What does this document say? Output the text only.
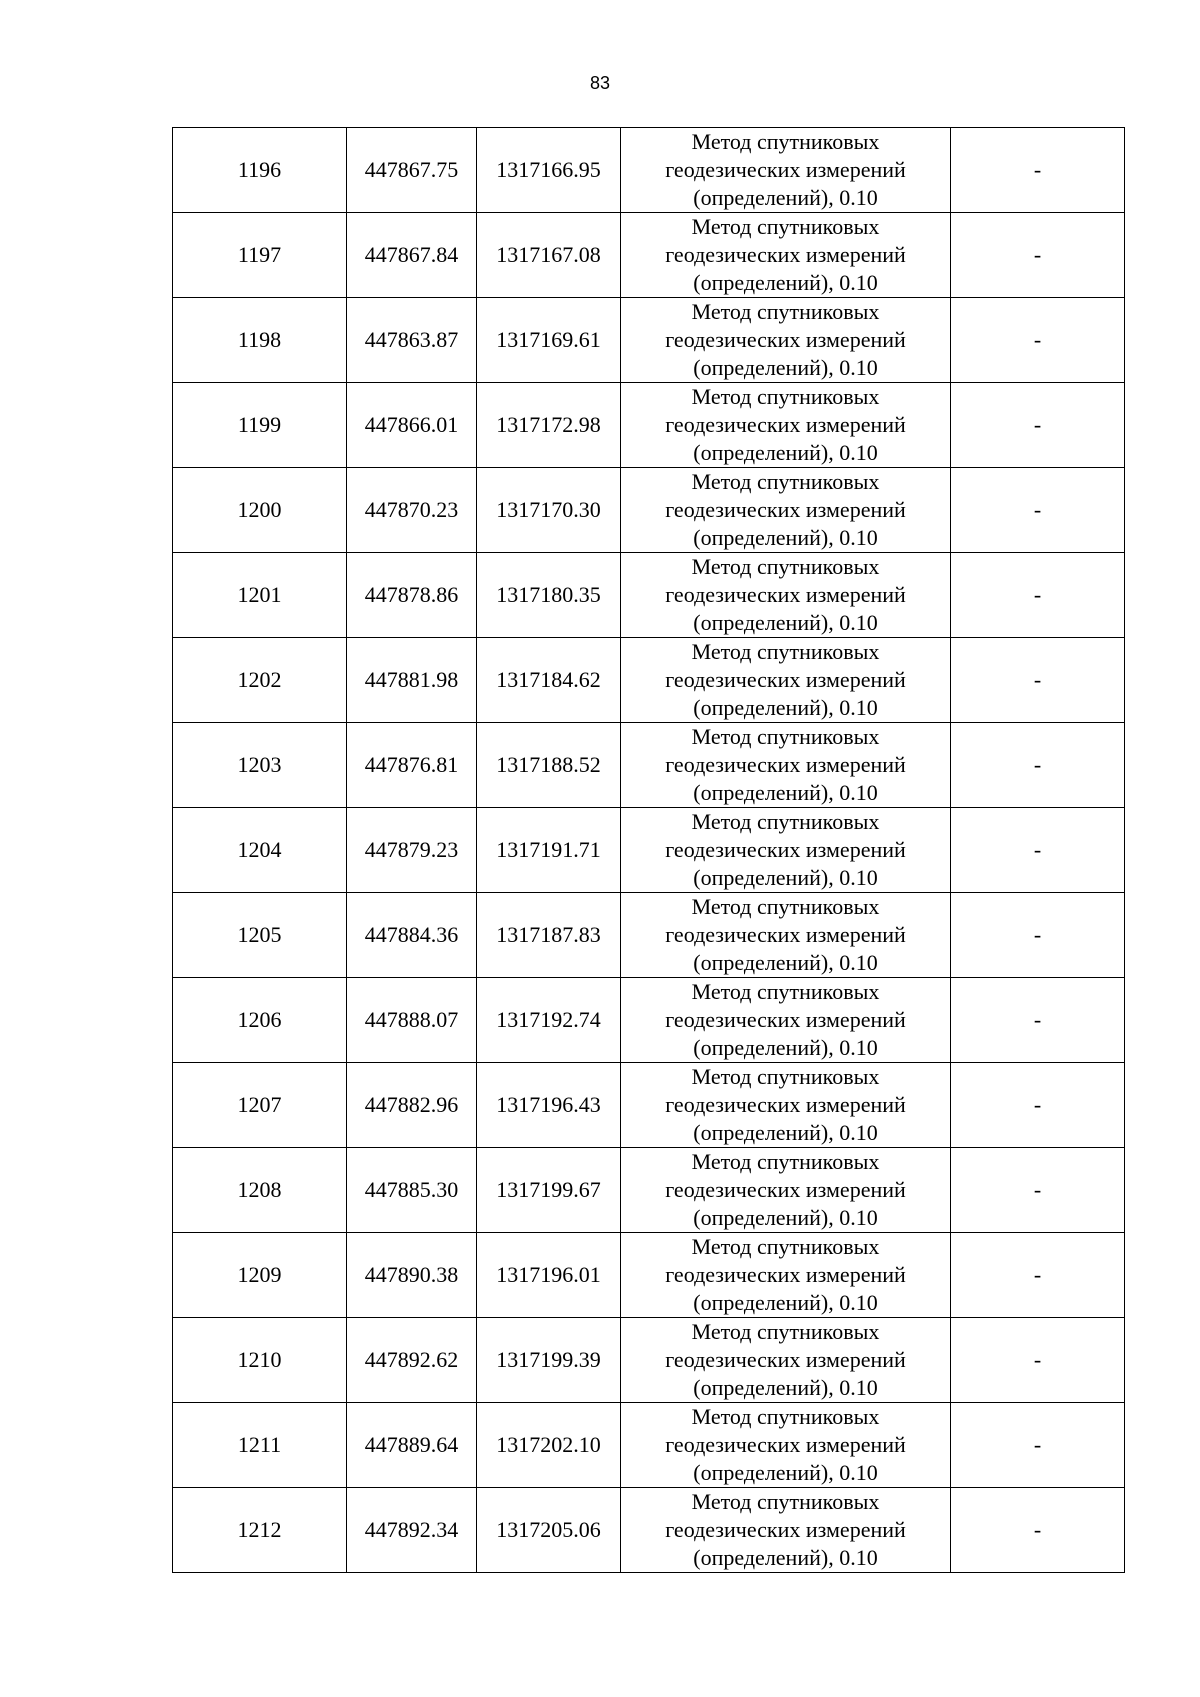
83
1196	447867.75	1317166.95	Метод спутниковых
геодезических измерений
(определений), 0.10	-
1197	447867.84	1317167.08	Метод спутниковых
геодезических измерений
(определений), 0.10	-
1198	447863.87	1317169.61	Метод спутниковых
геодезических измерений
(определений), 0.10	-
1199	447866.01	1317172.98	Метод спутниковых
геодезических измерений
(определений), 0.10	-
1200	447870.23	1317170.30	Метод спутниковых
геодезических измерений
(определений), 0.10	-
1201	447878.86	1317180.35	Метод спутниковых
геодезических измерений
(определений), 0.10	-
1202	447881.98	1317184.62	Метод спутниковых
геодезических измерений
(определений), 0.10	-
1203	447876.81	1317188.52	Метод спутниковых
геодезических измерений
(определений), 0.10	-
1204	447879.23	1317191.71	Метод спутниковых
геодезических измерений
(определений), 0.10	-
1205	447884.36	1317187.83	Метод спутниковых
геодезических измерений
(определений), 0.10	-
1206	447888.07	1317192.74	Метод спутниковых
геодезических измерений
(определений), 0.10	-
1207	447882.96	1317196.43	Метод спутниковых
геодезических измерений
(определений), 0.10	-
1208	447885.30	1317199.67	Метод спутниковых
геодезических измерений
(определений), 0.10	-
1209	447890.38	1317196.01	Метод спутниковых
геодезических измерений
(определений), 0.10	-
1210	447892.62	1317199.39	Метод спутниковых
геодезических измерений
(определений), 0.10	-
1211	447889.64	1317202.10	Метод спутниковых
геодезических измерений
(определений), 0.10	-
1212	447892.34	1317205.06	Метод спутниковых
геодезических измерений
(определений), 0.10	-
